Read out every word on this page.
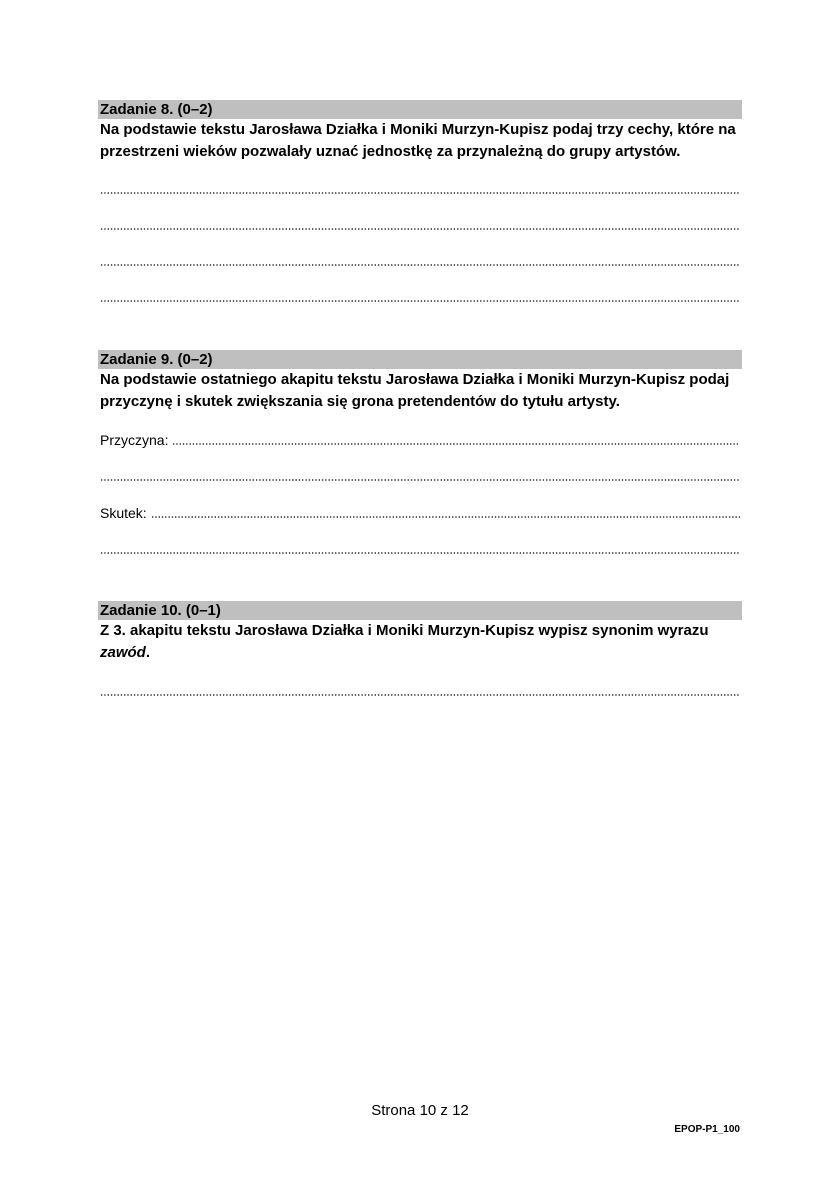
Zadanie 8. (0–2)
Na podstawie tekstu Jarosława Działka i Moniki Murzyn-Kupisz podaj trzy cechy, które na przestrzeni wieków pozwalały uznać jednostkę za przynależną do grupy artystów.
Zadanie 9. (0–2)
Na podstawie ostatniego akapitu tekstu Jarosława Działka i Moniki Murzyn-Kupisz podaj przyczynę i skutek zwiększania się grona pretendentów do tytułu artysty.
Przyczyna:
Skutek:
Zadanie 10. (0–1)
Z 3. akapitu tekstu Jarosława Działka i Moniki Murzyn-Kupisz wypisz synonim wyrazu zawód.
Strona 10 z 12
EPOP-P1_100
